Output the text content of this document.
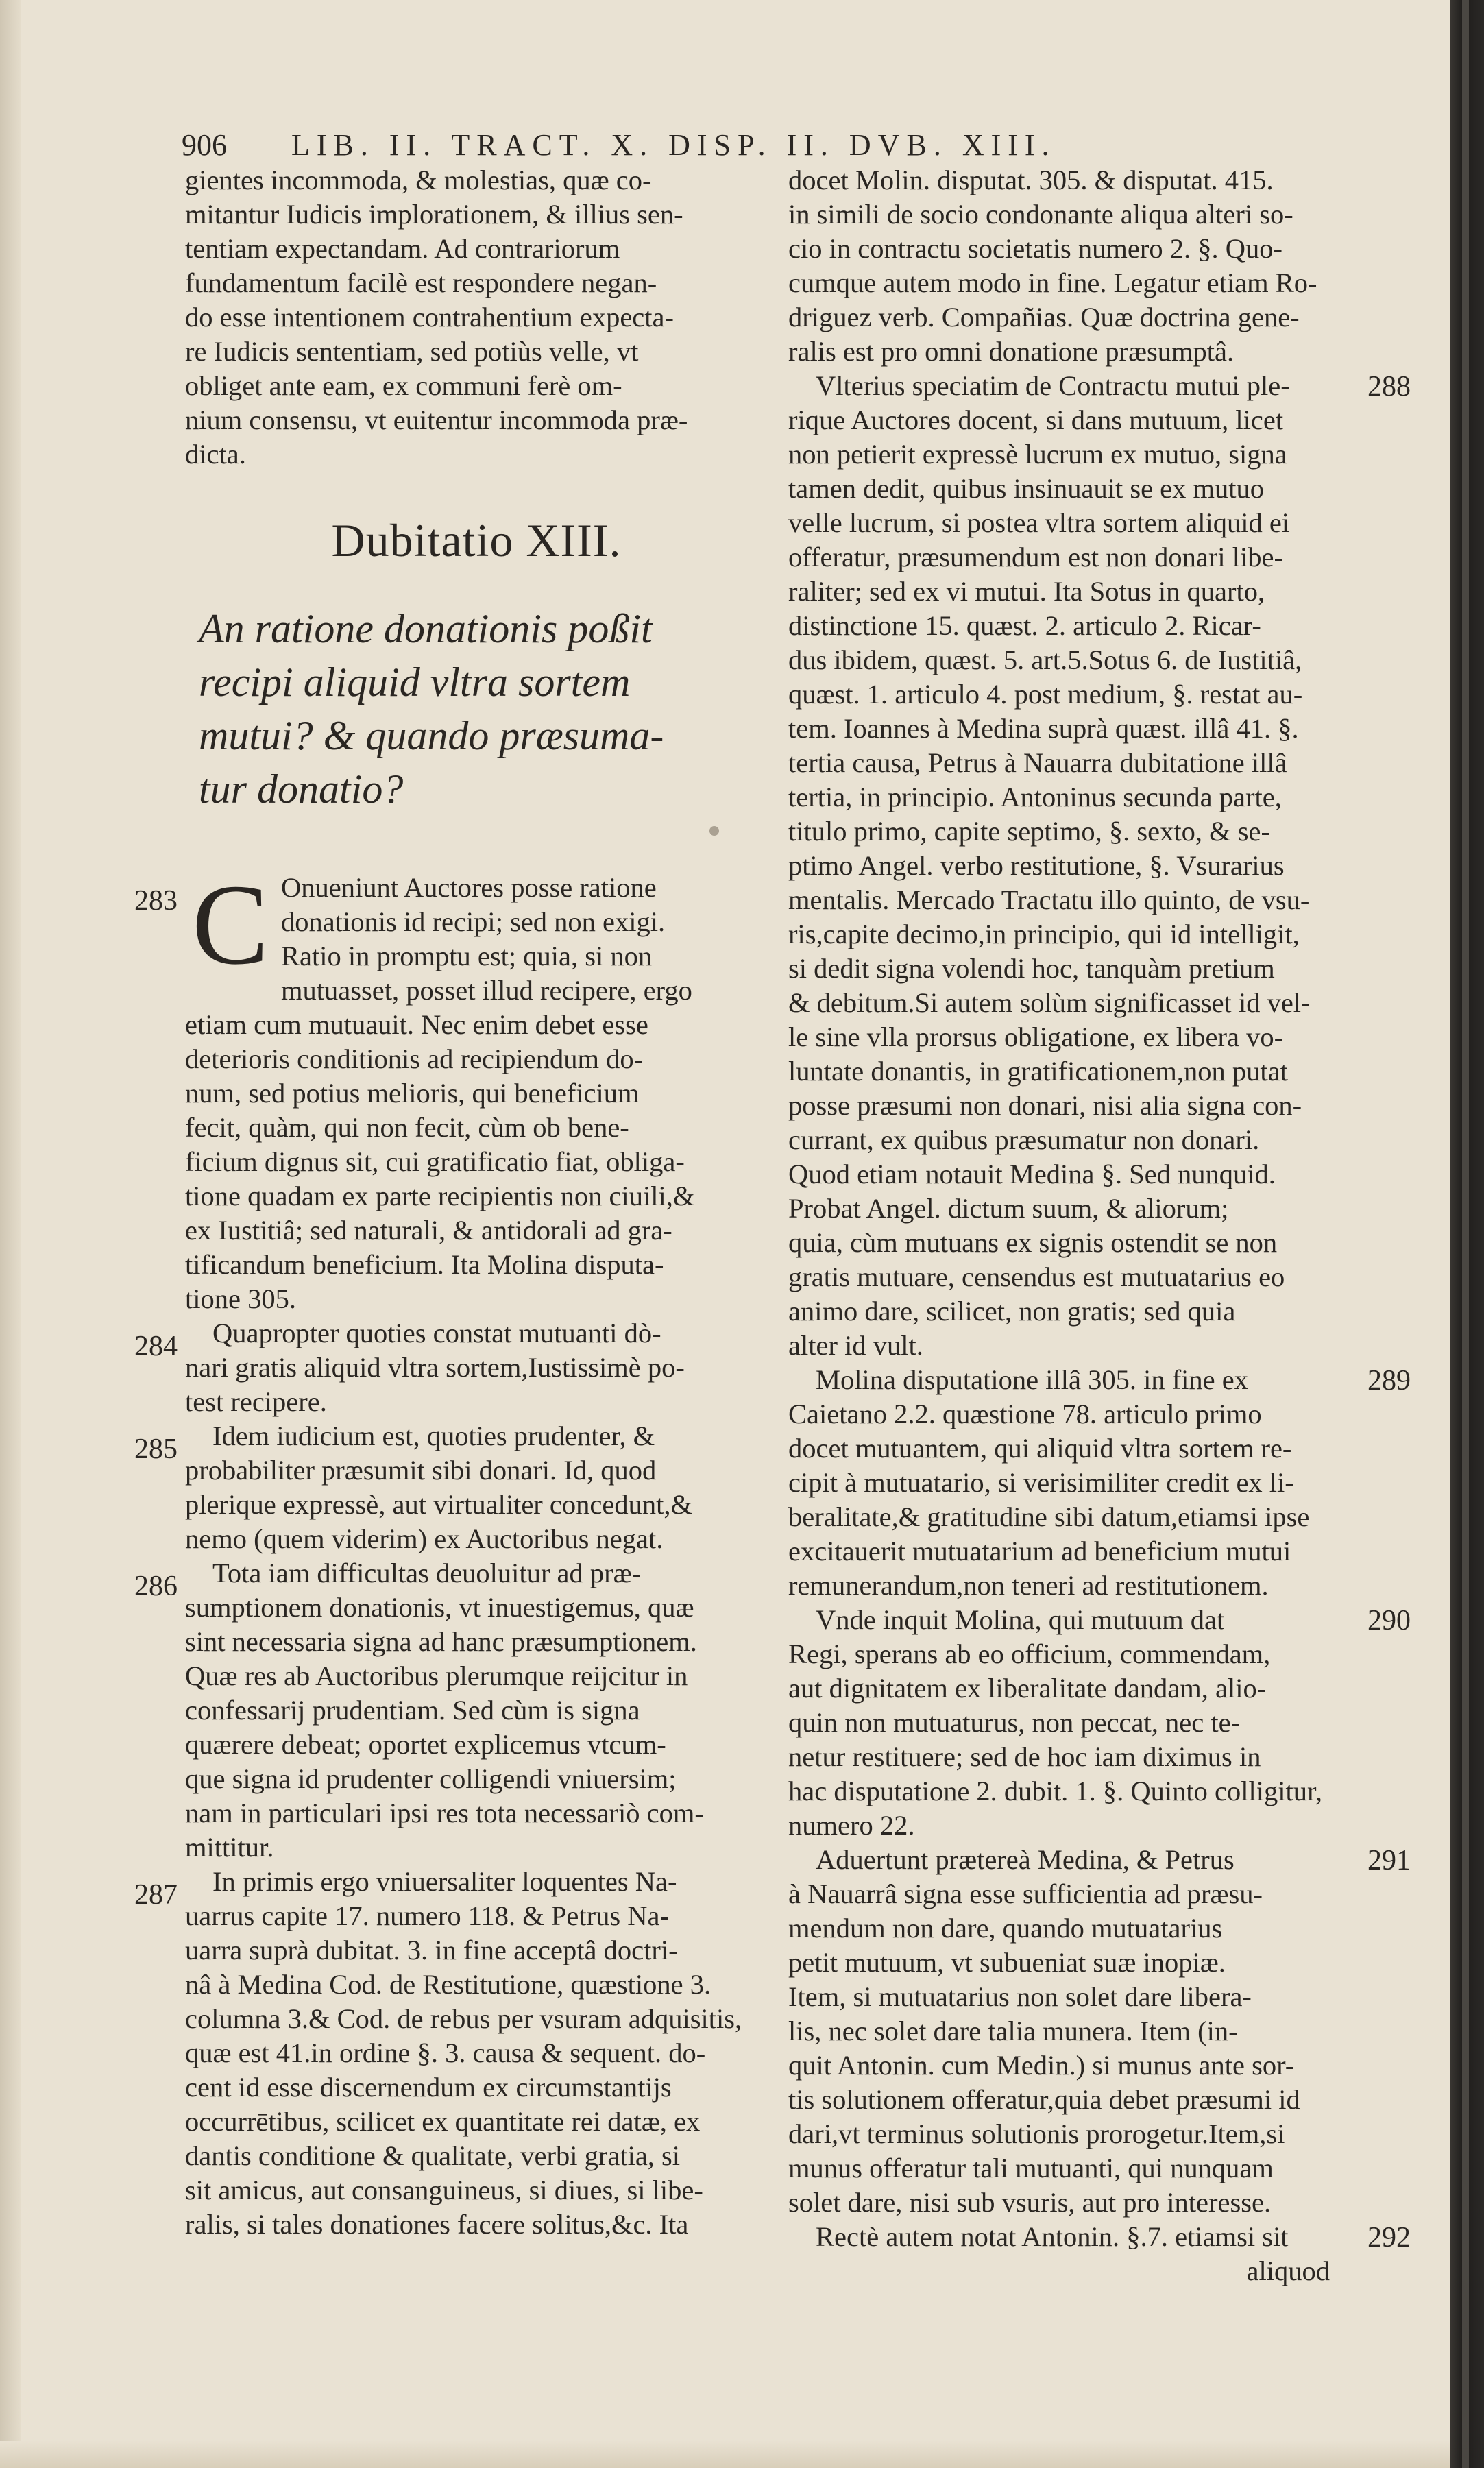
906 LIB. II. TRACT. X. DISP. II. DVB. XIII.
gientes incommoda, & molestias, quæ co-
mitantur Iudicis implorationem, & illius sen-
tentiam expectandam. Ad contrariorum
fundamentum facilè est respondere negan-
do esse intentionem contrahentium expecta-
re Iudicis sententiam, sed potiùs velle, vt
obliget ante eam, ex communi ferè om-
nium consensu, vt euitentur incommoda præ-
dicta.
Dubitatio XIII.
An ratione donationis poßit
recipi aliquid vltra sortem
mutui? & quando præsuma-
tur donatio?
C Onueniunt Auctores posse ratione
donationis id recipi; sed non exigi.
Ratio in promptu est; quia, si non
mutuasset, posset illud recipere, ergo
etiam cum mutuauit. Nec enim debet esse
deterioris conditionis ad recipiendum do-
num, sed potius melioris, qui beneficium
fecit, quàm, qui non fecit, cùm ob bene-
ficium dignus sit, cui gratificatio fiat, obliga-
tione quadam ex parte recipientis non ciuili,&
ex Iustitiâ; sed naturali, & antidorali ad gra-
tificandum beneficium. Ita Molina disputa-
tione 305.
Quapropter quoties constat mutuanti dò-
nari gratis aliquid vltra sortem,Iustissimè po-
test recipere.
Idem iudicium est, quoties prudenter, &
probabiliter præsumit sibi donari. Id, quod
plerique expressè, aut virtualiter concedunt,&
nemo (quem viderim) ex Auctoribus negat.
Tota iam difficultas deuoluitur ad præ-
sumptionem donationis, vt inuestigemus, quæ
sint necessaria signa ad hanc præsumptionem.
Quæ res ab Auctoribus plerumque reijcitur in
confessarij prudentiam. Sed cùm is signa
quærere debeat; oportet explicemus vtcum-
que signa id prudenter colligendi vniuersim;
nam in particulari ipsi res tota necessariò com-
mittitur.
In primis ergo vniuersaliter loquentes Na-
uarrus capite 17. numero 118. & Petrus Na-
uarra suprà dubitat. 3. in fine acceptâ doctri-
nâ à Medina Cod. de Restitutione, quæstione 3.
columna 3.& Cod. de rebus per vsuram adquisitis,
quæ est 41.in ordine §. 3. causa & sequent. do-
cent id esse discernendum ex circumstantijs
occurrētibus, scilicet ex quantitate rei datæ, ex
dantis conditione & qualitate, verbi gratia, si
sit amicus, aut consanguineus, si diues, si libe-
ralis, si tales donationes facere solitus,&c. Ita
docet Molin. disputat. 305. & disputat. 415.
in simili de socio condonante aliqua alteri so-
cio in contractu societatis numero 2. §. Quo-
cumque autem modo in fine. Legatur etiam Ro-
driguez verb. Compañias. Quæ doctrina gene-
ralis est pro omni donatione præsumptâ.
Vlterius speciatim de Contractu mutui ple-
rique Auctores docent, si dans mutuum, licet
non petierit expressè lucrum ex mutuo, signa
tamen dedit, quibus insinuauit se ex mutuo
velle lucrum, si postea vltra sortem aliquid ei
offeratur, præsumendum est non donari libe-
raliter; sed ex vi mutui. Ita Sotus in quarto,
distinctione 15. quæst. 2. articulo 2. Ricar-
dus ibidem, quæst. 5. art.5.Sotus 6. de Iustitiâ,
quæst. 1. articulo 4. post medium, §. restat au-
tem. Ioannes à Medina suprà quæst. illâ 41. §.
tertia causa, Petrus à Nauarra dubitatione illâ
tertia, in principio. Antoninus secunda parte,
titulo primo, capite septimo, §. sexto, & se-
ptimo Angel. verbo restitutione, §. Vsurarius
mentalis. Mercado Tractatu illo quinto, de vsu-
ris,capite decimo,in principio, qui id intelligit,
si dedit signa volendi hoc, tanquàm pretium
& debitum.Si autem solùm significasset id vel-
le sine vlla prorsus obligatione, ex libera vo-
luntate donantis, in gratificationem,non putat
posse præsumi non donari, nisi alia signa con-
currant, ex quibus præsumatur non donari.
Quod etiam notauit Medina §. Sed nunquid.
Probat Angel. dictum suum, & aliorum;
quia, cùm mutuans ex signis ostendit se non
gratis mutuare, censendus est mutuatarius eo
animo dare, scilicet, non gratis; sed quia
alter id vult.
Molina disputatione illâ 305. in fine ex
Caietano 2.2. quæstione 78. articulo primo
docet mutuantem, qui aliquid vltra sortem re-
cipit à mutuatario, si verisimiliter credit ex li-
beralitate,& gratitudine sibi datum,etiamsi ipse
excitauerit mutuatarium ad beneficium mutui
remunerandum,non teneri ad restitutionem.
Vnde inquit Molina, qui mutuum dat
Regi, sperans ab eo officium, commendam,
aut dignitatem ex liberalitate dandam, alio-
quin non mutuaturus, non peccat, nec te-
netur restituere; sed de hoc iam diximus in
hac disputatione 2. dubit. 1. §. Quinto colligitur,
numero 22.
Aduertunt prætereà Medina, & Petrus
à Nauarrâ signa esse sufficientia ad præsu-
mendum non dare, quando mutuatarius
petit mutuum, vt subueniat suæ inopiæ.
Item, si mutuatarius non solet dare libera-
lis, nec solet dare talia munera. Item (in-
quit Antonin. cum Medin.) si munus ante sor-
tis solutionem offeratur,quia debet præsumi id
dari,vt terminus solutionis prorogetur.Item,si
munus offeratur tali mutuanti, qui nunquam
solet dare, nisi sub vsuris, aut pro interesse.
Rectè autem notat Antonin. §.7. etiamsi sit
aliquod
283
284
285
286
287
288
289
290
291
292
